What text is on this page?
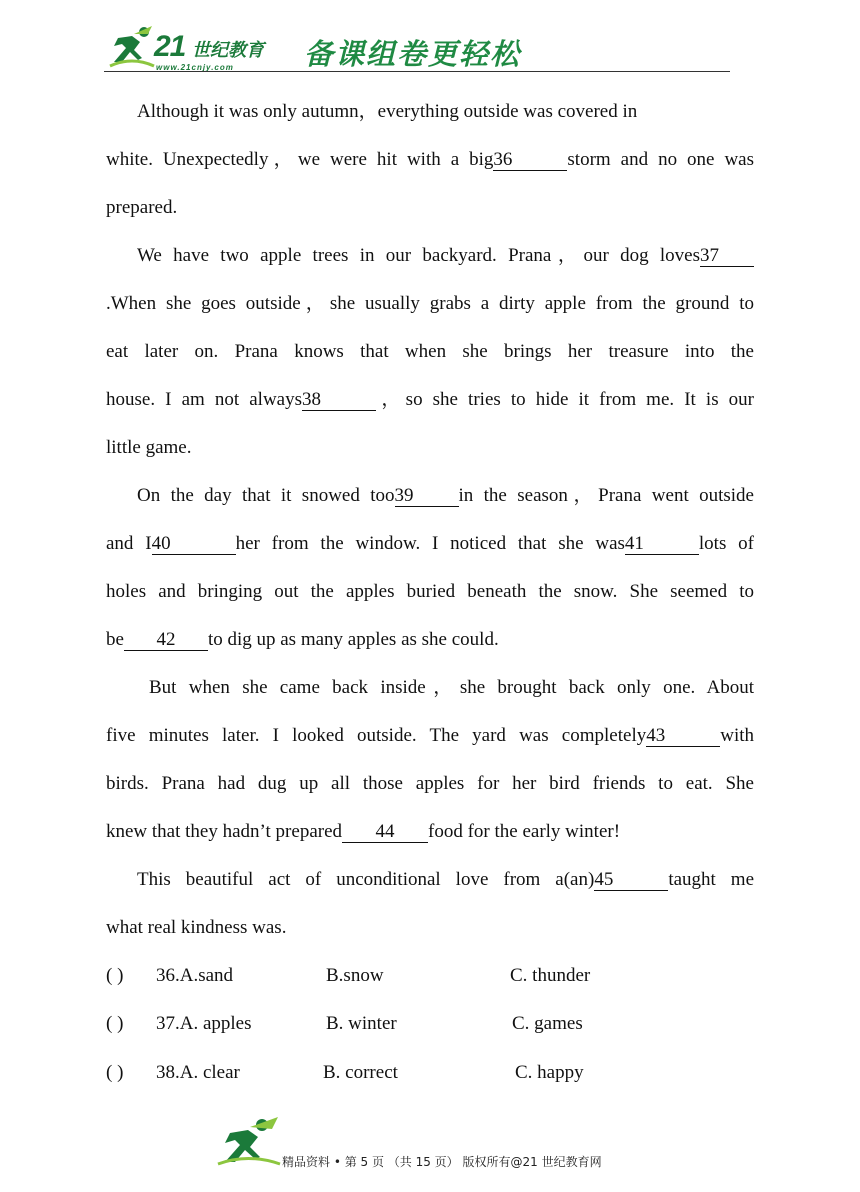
21 世纪教育
www.21cnjy.com 备课组卷更轻松
Although it was only autumn，everything outside was covered in
white. Unexpectedly，we were hit with a big36	storm and no one was
prepared.
We have two apple trees in our backyard. Prana，our dog loves37
.When she goes outside，she usually grabs a dirty apple from the ground to
eat later on. Prana knows that when she brings her treasure into the
house. I am not always38	，so she tries to hide it from me. It is our
little game.
On the day that it snowed too39 in the season，Prana went outside
and I40	her from the window. I noticed that she was41	lots of
holes and bringing out the apples buried beneath the snow. She seemed to
be 42 to dig up as many apples as she could.
But when she came back inside，she brought back only one. About
five minutes later. I looked outside. The yard was completely43	with
birds. Prana had dug up all those apples for her bird friends to eat. She
knew that they hadn’t prepared 44 food for the early winter!
This beautiful act of unconditional love from a(an)45	taught me
what real kindness was.
( ) 36.A.sand	B.snow	C. thunder
( ) 37.A. apples	B. winter	C. games
( ) 38.A. clear	B. correct	C. happy
精品资料 • 第 5 页 （共 15 页） 版权所有@21 世纪教育网
